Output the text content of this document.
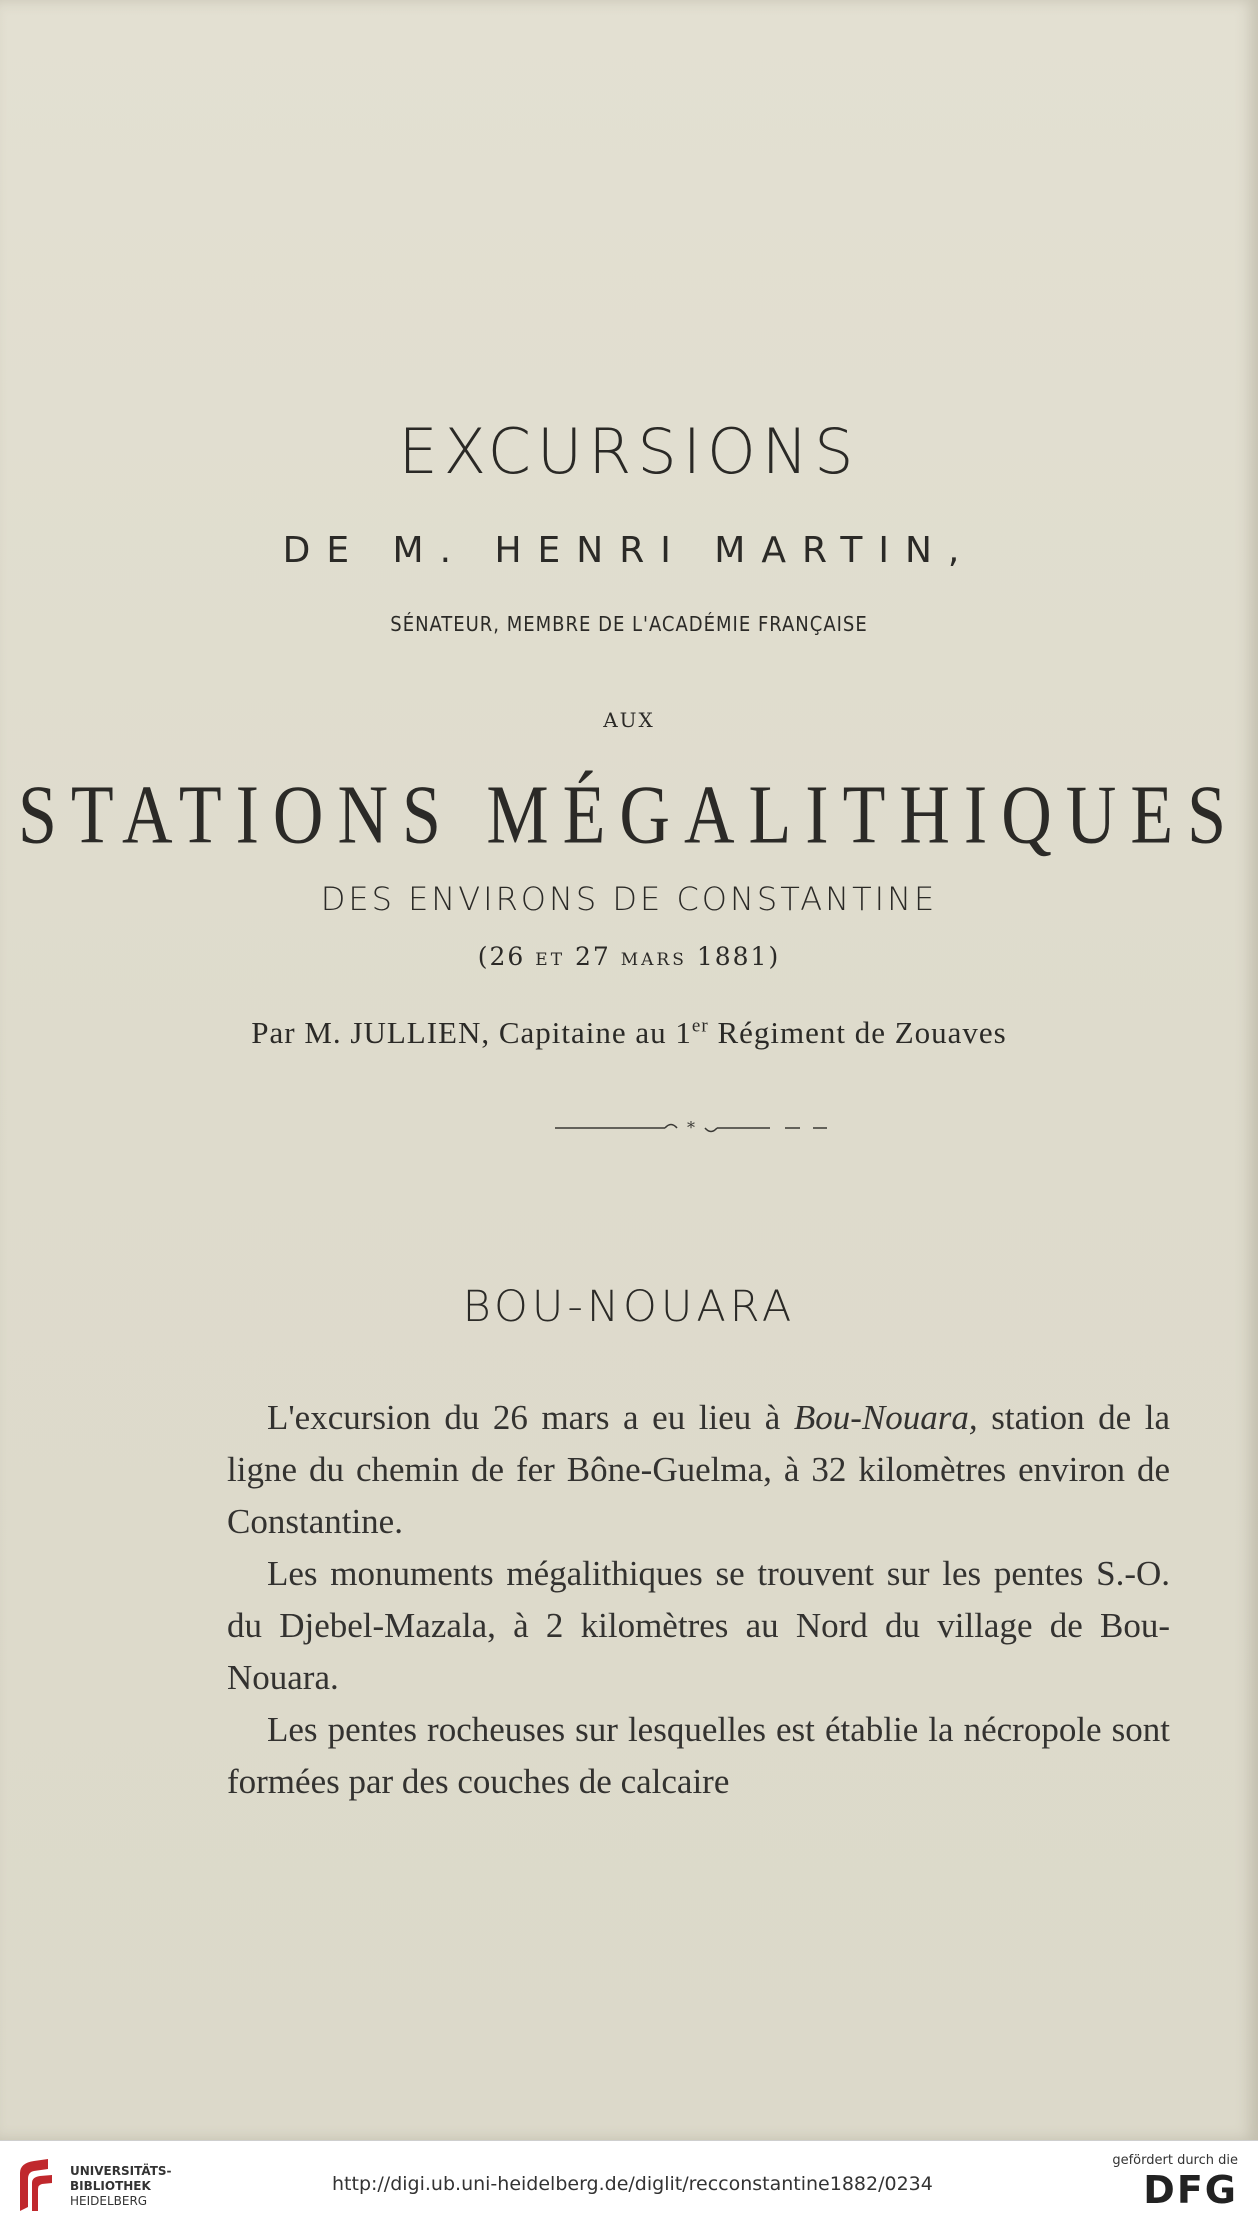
EXCURSIONS
DE M. HENRI MARTIN,
SÉNATEUR, MEMBRE DE L'ACADÉMIE FRANÇAISE
AUX
STATIONS MÉGALITHIQUES
DES ENVIRONS DE CONSTANTINE
(26 ET 27 MARS 1881)
Par M. JULLIEN, Capitaine au 1er Régiment de Zouaves
*
BOU-NOUARA

L'excursion du 26 mars a eu lieu à Bou-Nouara, station de la ligne du chemin de fer Bône-Guelma, à 32 kilomètres environ de Constantine.

Les monuments mégalithiques se trouvent sur les pentes S.-O. du Djebel-Mazala, à 2 kilomètres au Nord du village de Bou-Nouara.

Les pentes rocheuses sur lesquelles est établie la nécropole sont formées par des couches de calcaire

UNIVERSITÄTS-
BIBLIOTHEK
HEIDELBERG
http://digi.ub.uni-heidelberg.de/diglit/recconstantine1882/0234
gefördert durch die
DFG
